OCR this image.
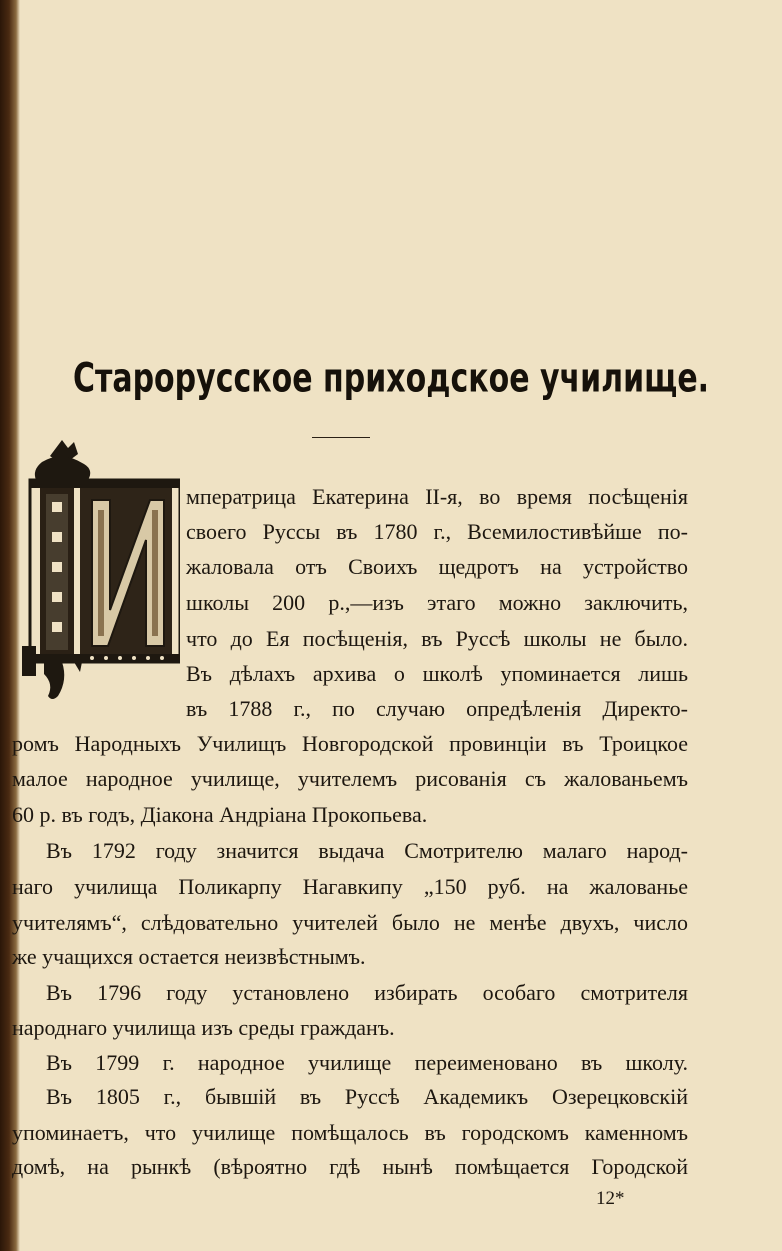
Старорусское приходское училище.
мператрица Екатерина II-я, во время посѣщенія
своего Руссы въ 1780 г., Всемилостивѣйше по-
жаловала отъ Своихъ щедротъ на устройство
школы 200 р.,—изъ этаго можно заключить,
что до Ея посѣщенія, въ Руссѣ школы не было.
Въ дѣлахъ архива о школѣ упоминается лишь
въ 1788 г., по случаю опредѣленія Директо-
ромъ Народныхъ Училищъ Новгородской провинціи въ Троицкое
малое народное училище, учителемъ рисованія съ жалованьемъ
60 р. въ годъ, Діакона Андріана Прокопьева.
Въ 1792 году значится выдача Смотрителю малаго народ-
наго училища Поликарпу Нагавкипу „150 руб. на жалованье
учителямъ“, слѣдовательно учителей было не менѣе двухъ, число
же учащихся остается неизвѣстнымъ.
Въ 1796 году установлено избирать особаго смотрителя
народнаго училища изъ среды гражданъ.
Въ 1799 г. народное училище переименовано въ школу.
Въ 1805 г., бывшій въ Руссѣ Академикъ Озерецковскій
упоминаетъ, что училище помѣщалось въ городскомъ каменномъ
домѣ, на рынкѣ (вѣроятно гдѣ нынѣ помѣщается Городской
12*
